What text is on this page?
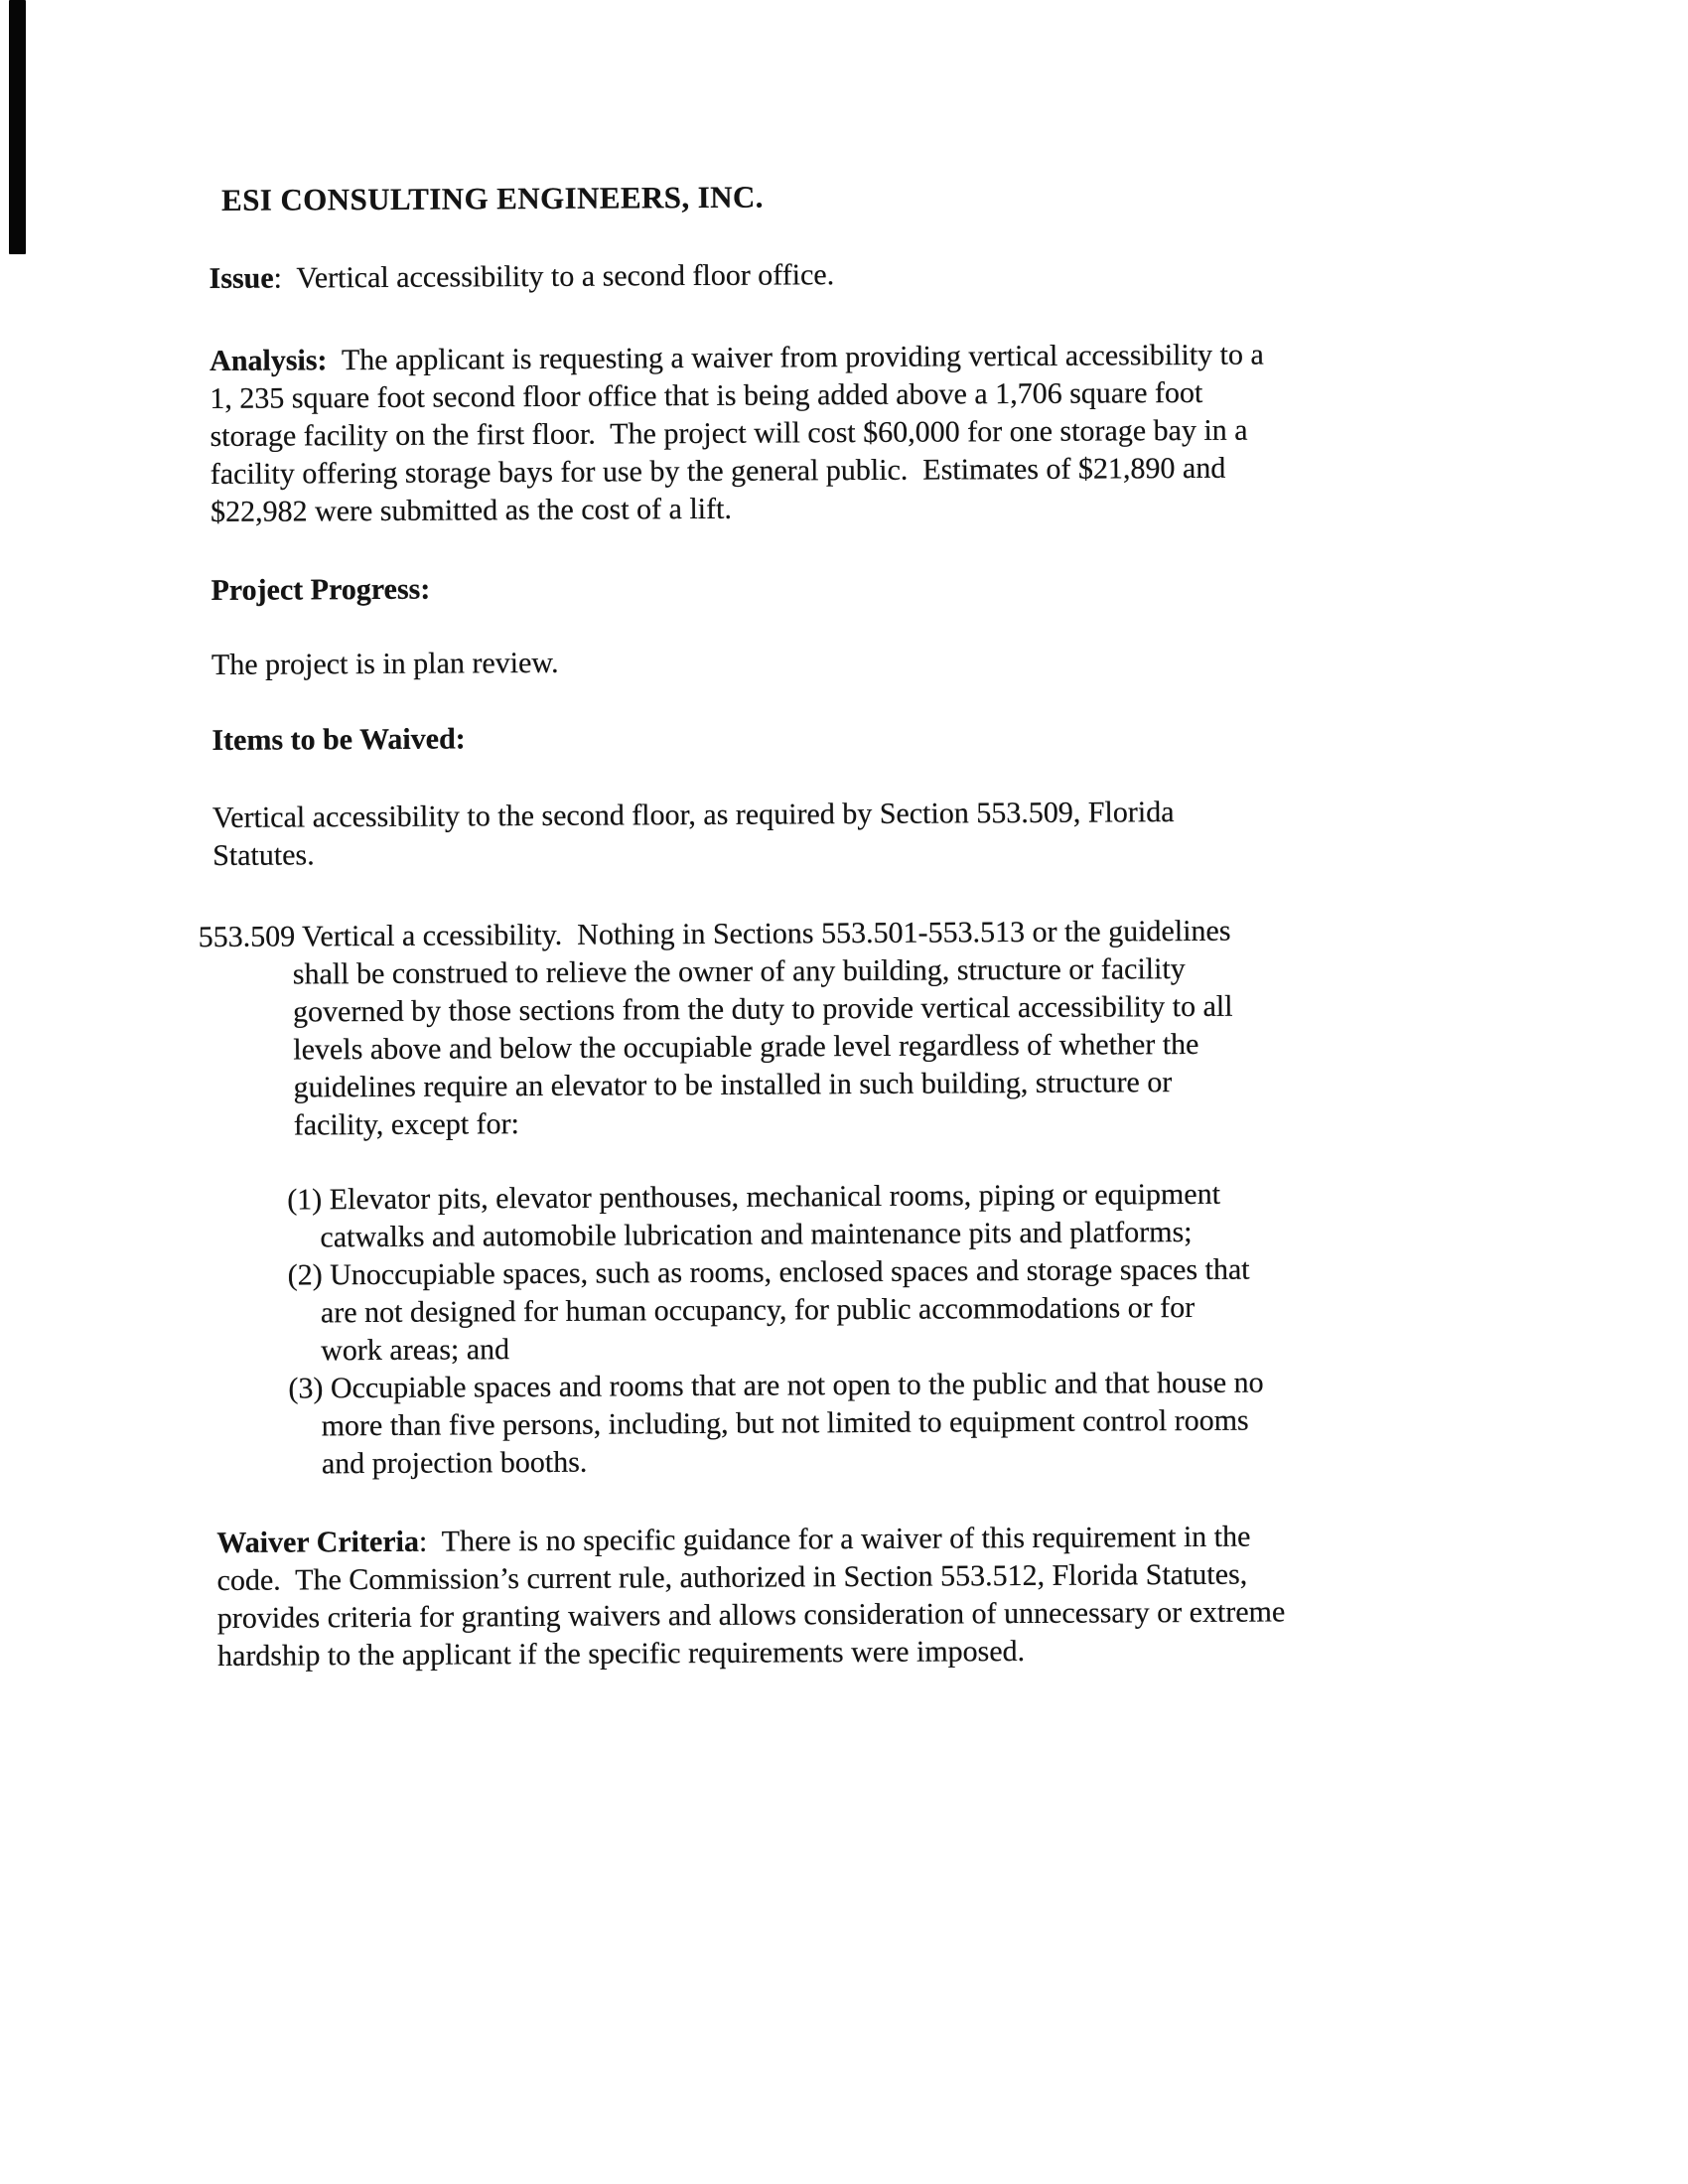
ESI CONSULTING ENGINEERS, INC.
Issue:  Vertical accessibility to a second floor office.
Analysis:  The applicant is requesting a waiver from providing vertical accessibility to a
1, 235 square foot second floor office that is being added above a 1,706 square foot
storage facility on the first floor.  The project will cost $60,000 for one storage bay in a
facility offering storage bays for use by the general public.  Estimates of $21,890 and
$22,982 were submitted as the cost of a lift.
Project Progress:
The project is in plan review.
Items to be Waived:
Vertical accessibility to the second floor, as required by Section 553.509, Florida
Statutes.
553.509 Vertical a ccessibility.  Nothing in Sections 553.501-553.513 or the guidelines
shall be construed to relieve the owner of any building, structure or facility
governed by those sections from the duty to provide vertical accessibility to all
levels above and below the occupiable grade level regardless of whether the
guidelines require an elevator to be installed in such building, structure or
facility, except for:
(1) Elevator pits, elevator penthouses, mechanical rooms, piping or equipment
catwalks and automobile lubrication and maintenance pits and platforms;
(2) Unoccupiable spaces, such as rooms, enclosed spaces and storage spaces that
are not designed for human occupancy, for public accommodations or for
work areas; and
(3) Occupiable spaces and rooms that are not open to the public and that house no
more than five persons, including, but not limited to equipment control rooms
and projection booths.
Waiver Criteria:  There is no specific guidance for a waiver of this requirement in the
code.  The Commission’s current rule, authorized in Section 553.512, Florida Statutes,
provides criteria for granting waivers and allows consideration of unnecessary or extreme
hardship to the applicant if the specific requirements were imposed.
